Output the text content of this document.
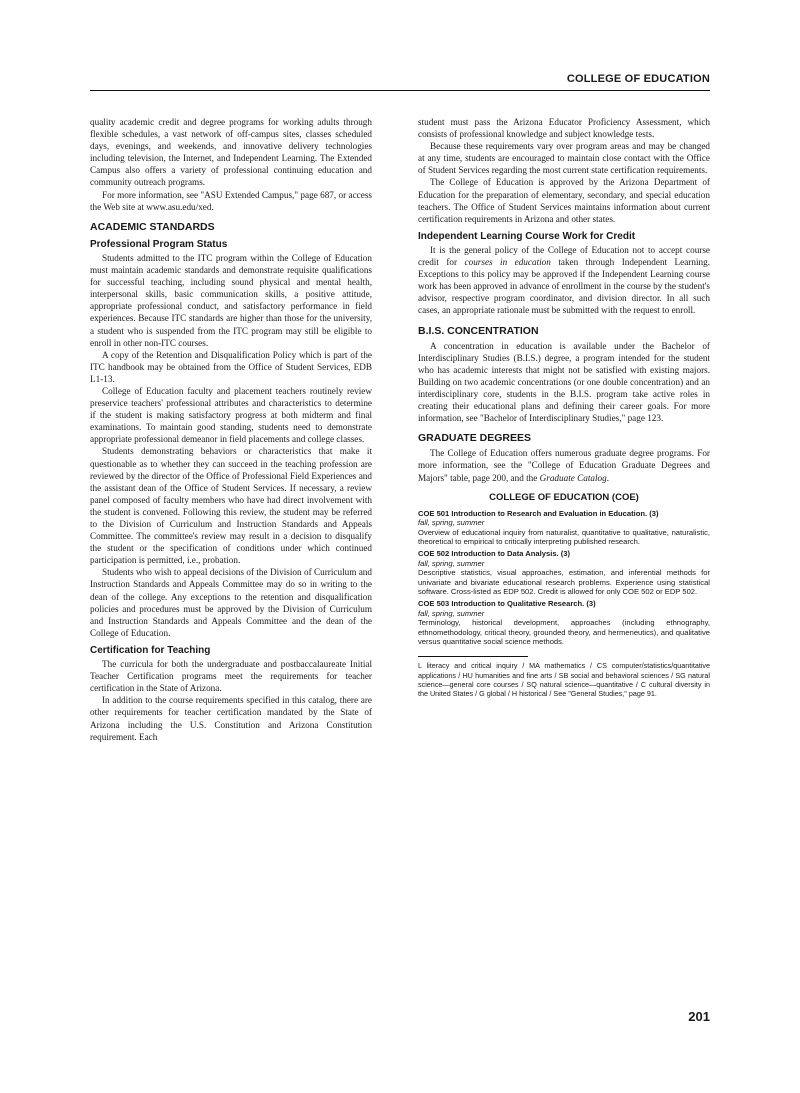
COLLEGE OF EDUCATION

quality academic credit and degree programs for working adults through flexible schedules, a vast network of off-campus sites, classes scheduled days, evenings, and weekends, and innovative delivery technologies including television, the Internet, and Independent Learning. The Extended Campus also offers a variety of professional continuing education and community outreach programs.

For more information, see "ASU Extended Campus," page 687, or access the Web site at www.asu.edu/xed.

ACADEMIC STANDARDS
Professional Program Status

Students admitted to the ITC program within the College of Education must maintain academic standards and demonstrate requisite qualifications for successful teaching, including sound physical and mental health, interpersonal skills, basic communication skills, a positive attitude, appropriate professional conduct, and satisfactory performance in field experiences. Because ITC standards are higher than those for the university, a student who is suspended from the ITC program may still be eligible to enroll in other non-ITC courses.

A copy of the Retention and Disqualification Policy which is part of the ITC handbook may be obtained from the Office of Student Services, EDB L1-13.

College of Education faculty and placement teachers routinely review preservice teachers' professional attributes and characteristics to determine if the student is making satisfactory progress at both midterm and final examinations. To maintain good standing, students need to demonstrate appropriate professional demeanor in field placements and college classes.

Students demonstrating behaviors or characteristics that make it questionable as to whether they can succeed in the teaching profession are reviewed by the director of the Office of Professional Field Experiences and the assistant dean of the Office of Student Services. If necessary, a review panel composed of faculty members who have had direct involvement with the student is convened. Following this review, the student may be referred to the Division of Curriculum and Instruction Standards and Appeals Committee. The committee's review may result in a decision to disqualify the student or the specification of conditions under which continued participation is permitted, i.e., probation.

Students who wish to appeal decisions of the Division of Curriculum and Instruction Standards and Appeals Committee may do so in writing to the dean of the college. Any exceptions to the retention and disqualification policies and procedures must be approved by the Division of Curriculum and Instruction Standards and Appeals Committee and the dean of the College of Education.

Certification for Teaching

The curricula for both the undergraduate and postbaccalaureate Initial Teacher Certification programs meet the requirements for teacher certification in the State of Arizona.

In addition to the course requirements specified in this catalog, there are other requirements for teacher certification mandated by the State of Arizona including the U.S. Constitution and Arizona Constitution requirement. Each

student must pass the Arizona Educator Proficiency Assessment, which consists of professional knowledge and subject knowledge tests.

Because these requirements vary over program areas and may be changed at any time, students are encouraged to maintain close contact with the Office of Student Services regarding the most current state certification requirements.

The College of Education is approved by the Arizona Department of Education for the preparation of elementary, secondary, and special education teachers. The Office of Student Services maintains information about current certification requirements in Arizona and other states.

Independent Learning Course Work for Credit

It is the general policy of the College of Education not to accept course credit for courses in education taken through Independent Learning. Exceptions to this policy may be approved if the Independent Learning course work has been approved in advance of enrollment in the course by the student's advisor, respective program coordinator, and division director. In all such cases, an appropriate rationale must be submitted with the request to enroll.

B.I.S. CONCENTRATION

A concentration in education is available under the Bachelor of Interdisciplinary Studies (B.I.S.) degree, a program intended for the student who has academic interests that might not be satisfied with existing majors. Building on two academic concentrations (or one double concentration) and an interdisciplinary core, students in the B.I.S. program take active roles in creating their educational plans and defining their career goals. For more information, see "Bachelor of Interdisciplinary Studies," page 123.

GRADUATE DEGREES

The College of Education offers numerous graduate degree programs. For more information, see the "College of Education Graduate Degrees and Majors" table, page 200, and the Graduate Catalog.

COLLEGE OF EDUCATION (COE)
COE 501 Introduction to Research and Evaluation in Education. (3)
fall, spring, summer
Overview of educational inquiry from naturalist, quantitative to qualitative, naturalistic, theoretical to empirical to critically interpreting published research.
COE 502 Introduction to Data Analysis. (3)
fall, spring, summer
Descriptive statistics, visual approaches, estimation, and inferential methods for univariate and bivariate educational research problems. Experience using statistical software. Cross-listed as EDP 502. Credit is allowed for only COE 502 or EDP 502.
COE 503 Introduction to Qualitative Research. (3)
fall, spring, summer
Terminology, historical development, approaches (including ethnography, ethnomethodology, critical theory, grounded theory, and hermeneutics), and qualitative versus quantitative social science methods.
L literacy and critical inquiry / MA mathematics / CS computer/statistics/quantitative applications / HU humanities and fine arts / SB social and behavioral sciences / SG natural science—general core courses / SQ natural science—quantitative / C cultural diversity in the United States / G global / H historical / See "General Studies," page 91.
201
